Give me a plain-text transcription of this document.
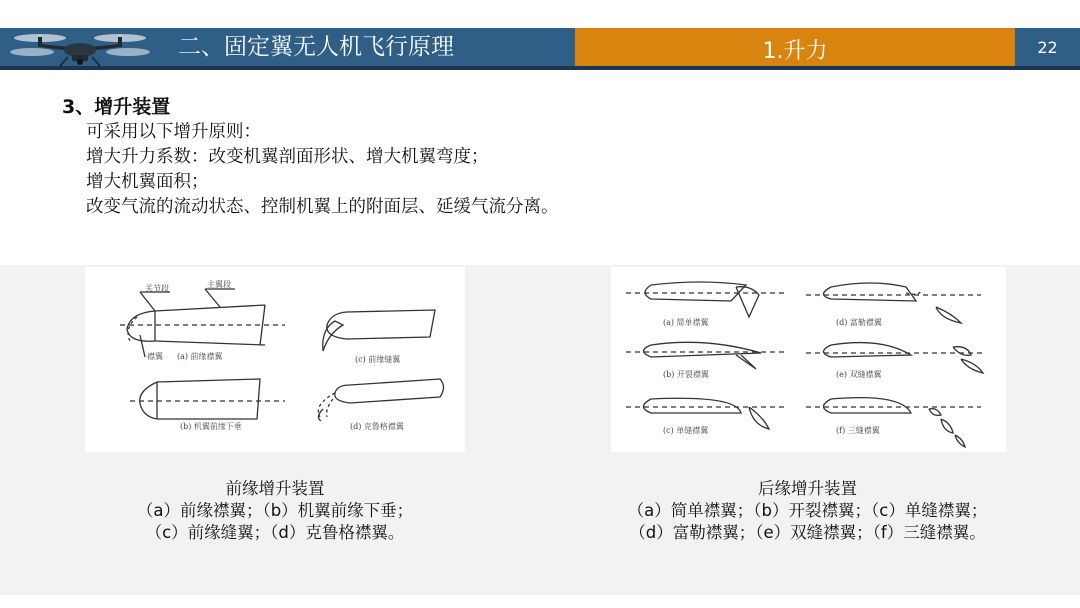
二、固定翼无人机飞行原理	1.升力	22
3、增升装置
可采用以下增升原则：
增大升力系数：改变机翼剖面形状、增大机翼弯度；
增大机翼面积；
改变气流的流动状态、控制机翼上的附面层、延缓气流分离。
关节段	主翼段
襟翼 (a) 前缘襟翼	(c) 前缘缝翼
(b) 机翼前缘下垂	(d) 克鲁格襟翼
(a) 简单襟翼	(d) 富勒襟翼
(b) 开裂襟翼	(e) 双缝襟翼
(c) 单缝襟翼	(f) 三缝襟翼
前缘增升装置
（a）前缘襟翼；（b）机翼前缘下垂；
（c）前缘缝翼；（d）克鲁格襟翼。
后缘增升装置
（a）简单襟翼；（b）开裂襟翼；（c）单缝襟翼；
（d）富勒襟翼；（e）双缝襟翼；（f）三缝襟翼。
